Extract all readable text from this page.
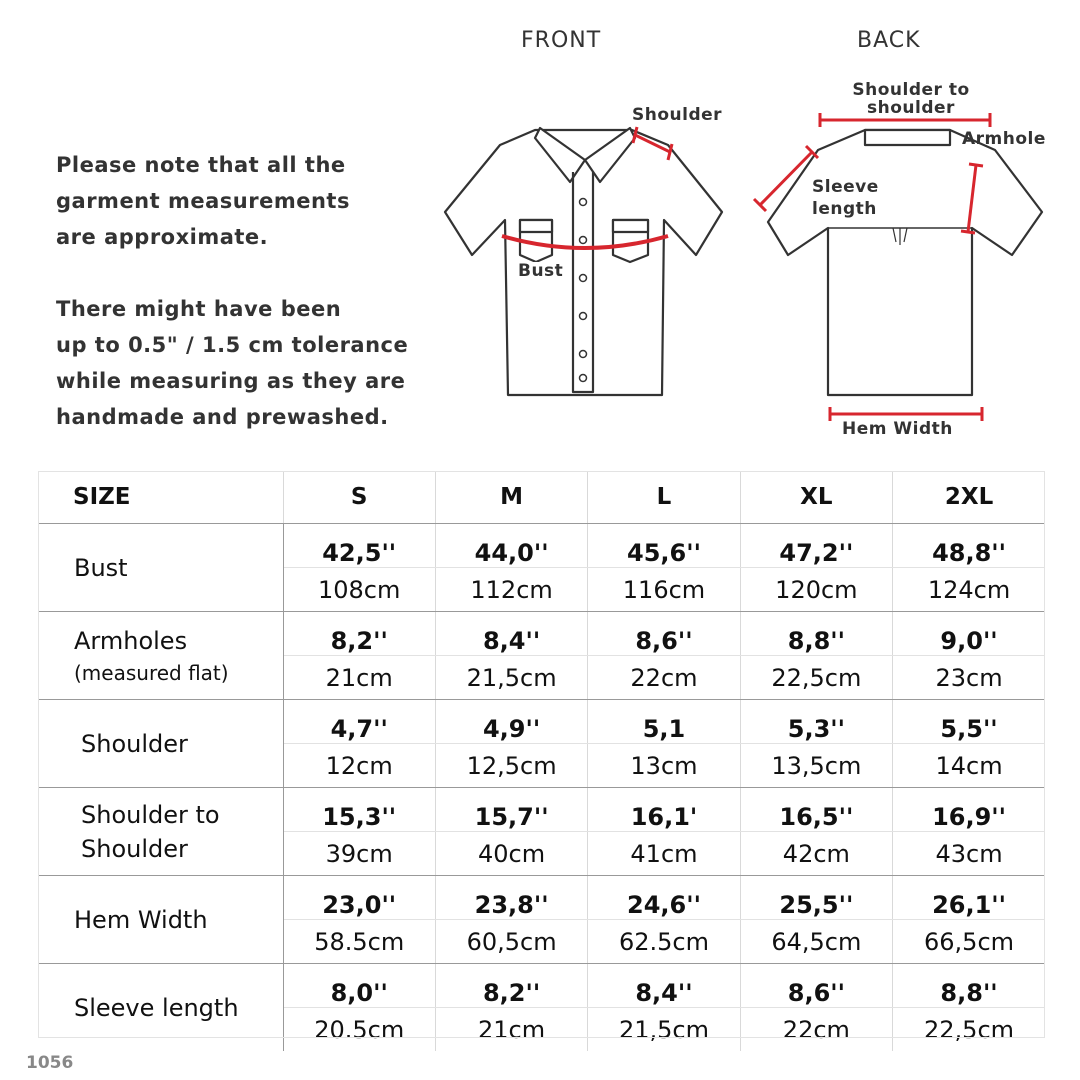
FRONT	BACK
Please note that all the
garment measurements
are approximate.
There might have been
up to 0.5" / 1.5 cm tolerance
while measuring as they are
handmade and prewashed.
Shoulder
Bust
Shoulder to
shoulder
Armhole
Sleeve
length
Hem Width
SIZE	S	M	L	XL	2XL

Bust	42,5''	44,0''	45,6''	47,2''	48,8''
	108cm	112cm	116cm	120cm	124cm

Armholes
(measured flat)	8,2''	8,4''	8,6''	8,8''	9,0''
	21cm	21,5cm	22cm	22,5cm	23cm

Shoulder	4,7''	4,9''	5,1	5,3''	5,5''
	12cm	12,5cm	13cm	13,5cm	14cm

Shoulder to
Shoulder	15,3''	15,7''	16,1'	16,5''	16,9''
	39cm	40cm	41cm	42cm	43cm

Hem Width	23,0''	23,8''	24,6''	25,5''	26,1''
	58.5cm	60,5cm	62.5cm	64,5cm	66,5cm

Sleeve length	8,0''	8,2''	8,4''	8,6''	8,8''
	20.5cm	21cm	21,5cm	22cm	22,5cm
1056
